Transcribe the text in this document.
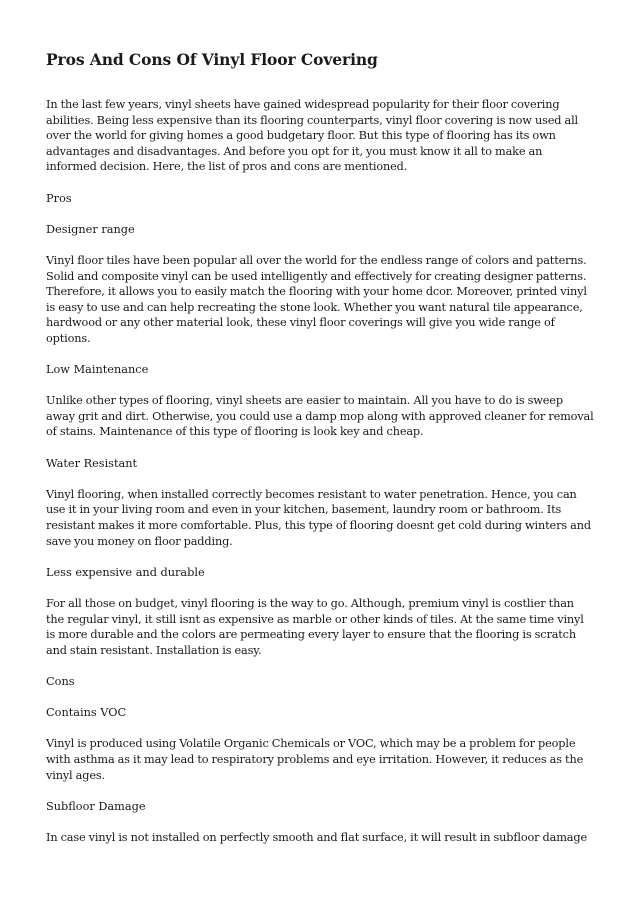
Pros And Cons Of Vinyl Floor Covering

In the last few years, vinyl sheets have gained widespread popularity for their floor covering abilities. Being less expensive than its flooring counterparts, vinyl floor covering is now used all over the world for giving homes a good budgetary floor. But this type of flooring has its own advantages and disadvantages. And before you opt for it, you must know it all to make an informed decision. Here, the list of pros and cons are mentioned.

Pros

Designer range

Vinyl floor tiles have been popular all over the world for the endless range of colors and patterns. Solid and composite vinyl can be used intelligently and effectively for creating designer patterns. Therefore, it allows you to easily match the flooring with your home dcor. Moreover, printed vinyl is easy to use and can help recreating the stone look. Whether you want natural tile appearance, hardwood or any other material look, these vinyl floor coverings will give you wide range of options.

Low Maintenance

Unlike other types of flooring, vinyl sheets are easier to maintain. All you have to do is sweep away grit and dirt. Otherwise, you could use a damp mop along with approved cleaner for removal of stains. Maintenance of this type of flooring is look key and cheap.

Water Resistant

Vinyl flooring, when installed correctly becomes resistant to water penetration. Hence, you can use it in your living room and even in your kitchen, basement, laundry room or bathroom. Its resistant makes it more comfortable. Plus, this type of flooring doesnt get cold during winters and save you money on floor padding.

Less expensive and durable

For all those on budget, vinyl flooring is the way to go. Although, premium vinyl is costlier than the regular vinyl, it still isnt as expensive as marble or other kinds of tiles. At the same time vinyl is more durable and the colors are permeating every layer to ensure that the flooring is scratch and stain resistant. Installation is easy.

Cons

Contains VOC

Vinyl is produced using Volatile Organic Chemicals or VOC, which may be a problem for people with asthma as it may lead to respiratory problems and eye irritation. However, it reduces as the vinyl ages.

Subfloor Damage

In case vinyl is not installed on perfectly smooth and flat surface, it will result in subfloor damage
